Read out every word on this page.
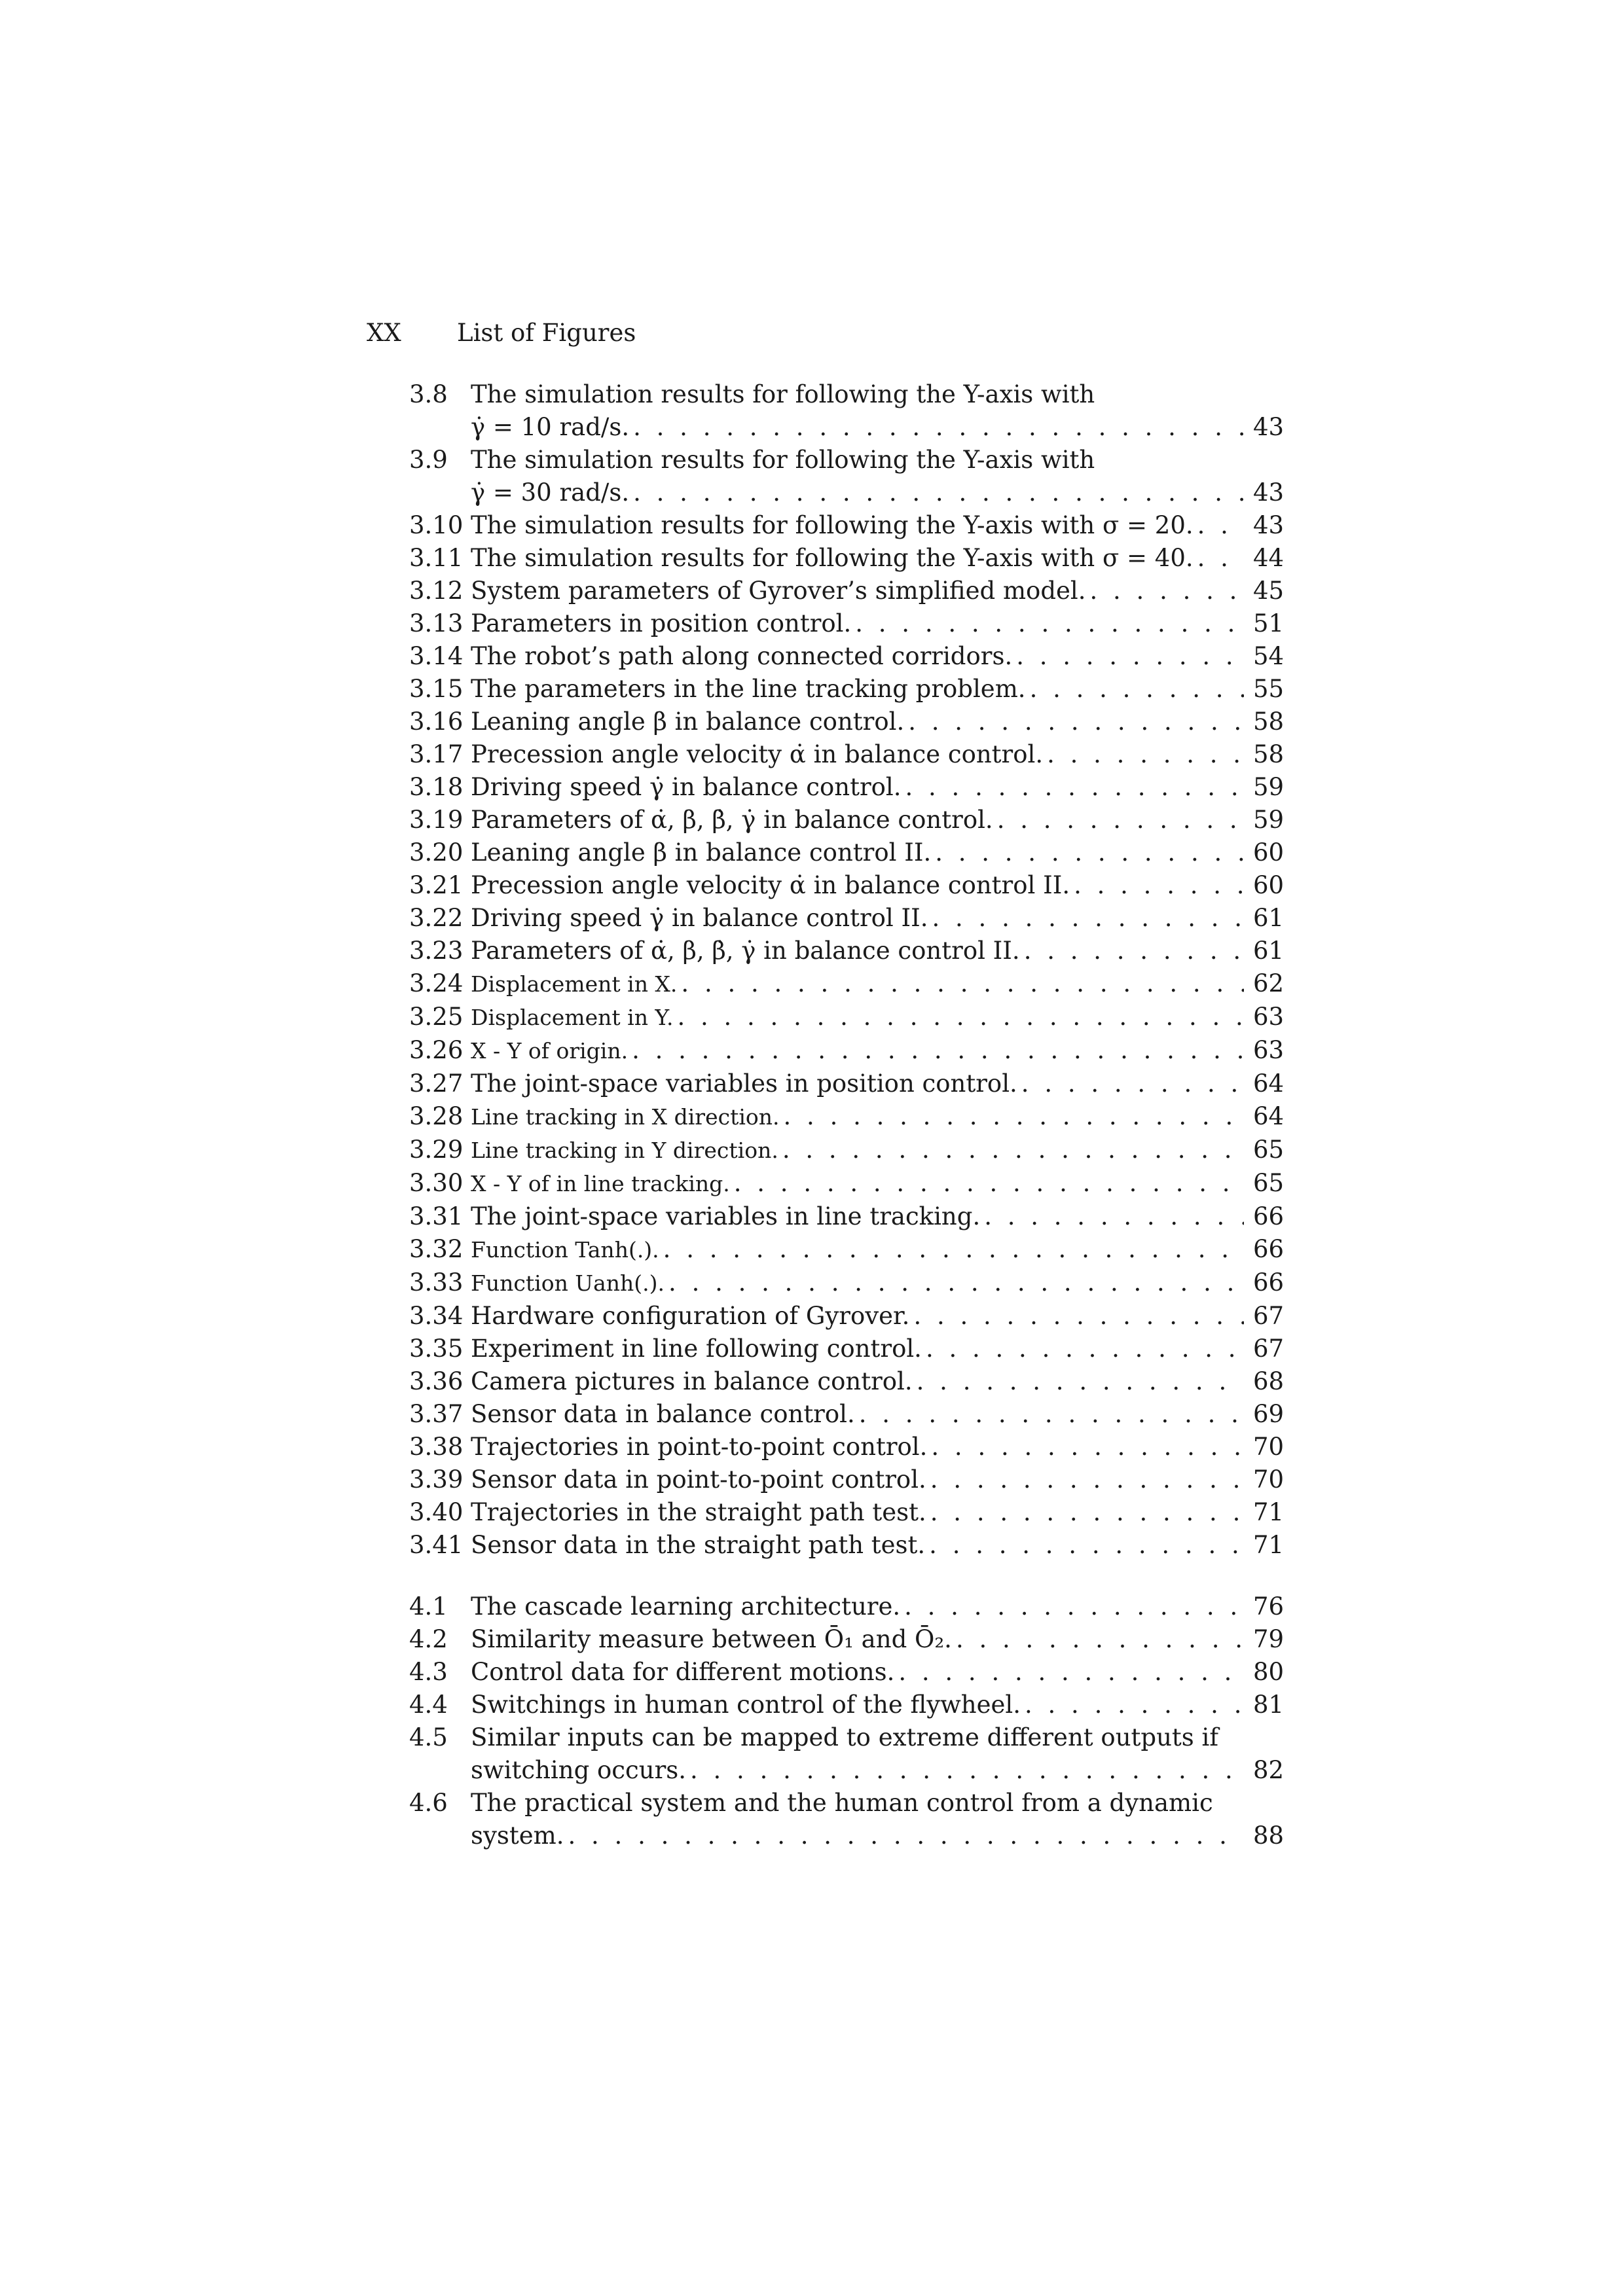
XX List of Figures
3.8 The simulation results for following the Y-axis with
γ̇ = 10 rad/s. . . .	43
3.9 The simulation results for following the Y-axis with
γ̇ = 30 rad/s. . . .	43
3.10 The simulation results for following the Y-axis with σ = 20. . . . 43
3.11 The simulation results for following the Y-axis with σ = 40. . . . 44
3.12 System parameters of Gyrover’s simplified model. . . .	45
3.13 Parameters in position control. . . .	51
3.14 The robot’s path along connected corridors. . . .	54
3.15 The parameters in the line tracking problem. . . .	55
3.16 Leaning angle β in balance control. . . .	58
3.17 Precession angle velocity α̇ in balance control. . . .	58
3.18 Driving speed γ̇ in balance control. . . .	59
3.19 Parameters of α̇, β, β̇, γ̇ in balance control. . . .	59
3.20 Leaning angle β in balance control II. . . .	60
3.21 Precession angle velocity α̇ in balance control II. . . .	60
3.22 Driving speed γ̇ in balance control II. . . .	61
3.23 Parameters of α̇, β, β̇, γ̇ in balance control II. . . .	61
3.24 Displacement in X. . . .	62
3.25 Displacement in Y. . . .	63
3.26 X - Y of origin. . . .	63
3.27 The joint-space variables in position control. . . .	64
3.28 Line tracking in X direction. . . .	64
3.29 Line tracking in Y direction. . . .	65
3.30 X - Y of in line tracking. . . .	65
3.31 The joint-space variables in line tracking. . . .	66
3.32 Function Tanh(.). . . .	66
3.33 Function Uanh(.). . . .	66
3.34 Hardware configuration of Gyrover. . . .	67
3.35 Experiment in line following control. . . .	67
3.36 Camera pictures in balance control. . . .	68
3.37 Sensor data in balance control. . . .	69
3.38 Trajectories in point-to-point control. . . .	70
3.39 Sensor data in point-to-point control. . . .	70
3.40 Trajectories in the straight path test. . . .	71
3.41 Sensor data in the straight path test. . . .	71
4.1 The cascade learning architecture. . . .	76
4.2 Similarity measure between Ō₁ and Ō₂. . . .	79
4.3 Control data for different motions. . . .	80
4.4 Switchings in human control of the flywheel. . . .	81
4.5 Similar inputs can be mapped to extreme different outputs if
switching occurs. . . .	82
4.6 The practical system and the human control from a dynamic
system. . . .	88
